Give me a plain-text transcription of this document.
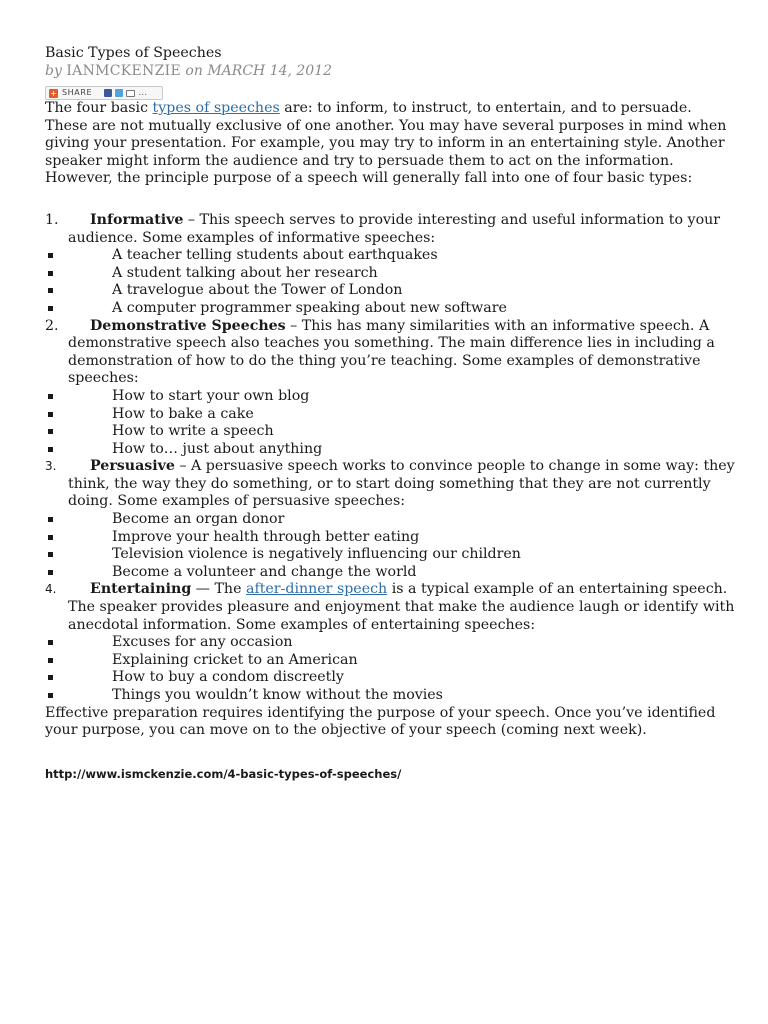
Basic Types of Speeches
by IANMCKENZIE on MARCH 14, 2012
+ SHARE	…

The four basic types of speeches are: to inform, to instruct, to entertain, and to persuade. These are not mutually exclusive of one another. You may have several purposes in mind when giving your presentation. For example, you may try to inform in an entertaining style. Another speaker might inform the audience and try to persuade them to act on the information.

However, the principle purpose of a speech will generally fall into one of four basic types:

1. Informative – This speech serves to provide interesting and useful information to your audience. Some examples of informative speeches:
A teacher telling students about earthquakes
A student talking about her research
A travelogue about the Tower of London
A computer programmer speaking about new software
2. Demonstrative Speeches – This has many similarities with an informative speech. A demonstrative speech also teaches you something. The main difference lies in including a demonstration of how to do the thing you’re teaching. Some examples of demonstrative speeches:
How to start your own blog
How to bake a cake
How to write a speech
How to… just about anything
3. Persuasive – A persuasive speech works to convince people to change in some way: they think, the way they do something, or to start doing something that they are not currently doing. Some examples of persuasive speeches:
Become an organ donor
Improve your health through better eating
Television violence is negatively influencing our children
Become a volunteer and change the world
4. Entertaining — The after-dinner speech is a typical example of an entertaining speech. The speaker provides pleasure and enjoyment that make the audience laugh or identify with anecdotal information. Some examples of entertaining speeches:
Excuses for any occasion
Explaining cricket to an American
How to buy a condom discreetly
Things you wouldn’t know without the movies

Effective preparation requires identifying the purpose of your speech. Once you’ve identified your purpose, you can move on to the objective of your speech (coming next week).

http://www.ismckenzie.com/4-basic-types-of-speeches/
